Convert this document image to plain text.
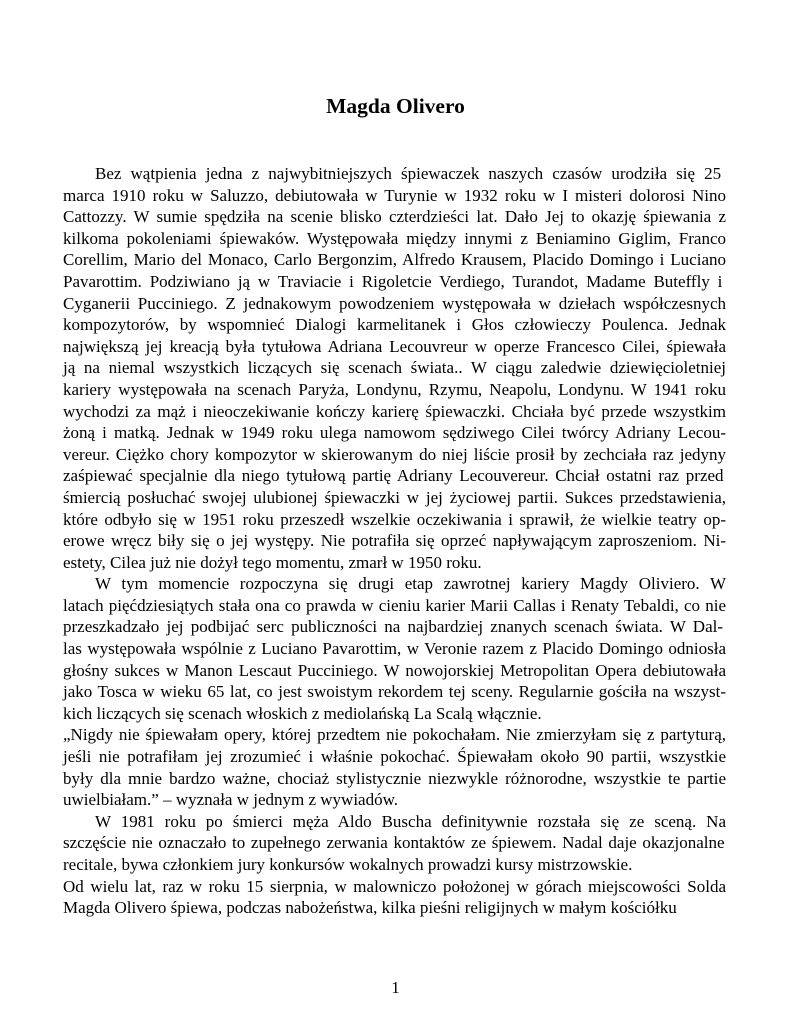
Magda Olivero
Bez wątpienia jedna z najwybitniejszych śpiewaczek naszych czasów urodziła się 25
marca 1910 roku w Saluzzo, debiutowała w Turynie w 1932 roku w I misteri dolorosi Nino
Cattozzy. W sumie spędziła na scenie blisko czterdzieści lat. Dało Jej to okazję śpiewania z
kilkoma pokoleniami śpiewaków. Występowała między innymi z Beniamino Giglim, Franco
Corellim, Mario del Monaco, Carlo Bergonzim, Alfredo Krausem, Placido Domingo i Luciano
Pavarottim. Podziwiano ją w Traviacie i Rigoletcie Verdiego, Turandot, Madame Buteffly i
Cyganerii Pucciniego. Z jednakowym powodzeniem występowała w dziełach współczesnych
kompozytorów, by wspomnieć Dialogi karmelitanek i Głos człowieczy Poulenca. Jednak
największą jej kreacją była tytułowa Adriana Lecouvreur w operze Francesco Cilei, śpiewała
ją na niemal wszystkich liczących się scenach świata.. W ciągu zaledwie dziewięcioletniej
kariery występowała na scenach Paryża, Londynu, Rzymu, Neapolu, Londynu. W 1941 roku
wychodzi za mąż i nieoczekiwanie kończy karierę śpiewaczki. Chciała być przede wszystkim
żoną i matką. Jednak w 1949 roku ulega namowom sędziwego Cilei twórcy Adriany Lecou-
vereur. Ciężko chory kompozytor w skierowanym do niej liście prosił by zechciała raz jedyny
zaśpiewać specjalnie dla niego tytułową partię Adriany Lecouvereur. Chciał ostatni raz przed
śmiercią posłuchać swojej ulubionej śpiewaczki w jej życiowej partii. Sukces przedstawienia,
które odbyło się w 1951 roku przeszedł wszelkie oczekiwania i sprawił, że wielkie teatry op-
erowe wręcz biły się o jej występy. Nie potrafiła się oprzeć napływającym zaproszeniom. Ni-
estety, Cilea już nie dożył tego momentu, zmarł w 1950 roku.
W tym momencie rozpoczyna się drugi etap zawrotnej kariery Magdy Oliviero. W
latach pięćdziesiątych stała ona co prawda w cieniu karier Marii Callas i Renaty Tebaldi, co nie
przeszkadzało jej podbijać serc publiczności na najbardziej znanych scenach świata. W Dal-
las występowała wspólnie z Luciano Pavarottim, w Veronie razem z Placido Domingo odniosła
głośny sukces w Manon Lescaut Pucciniego. W nowojorskiej Metropolitan Opera debiutowała
jako Tosca w wieku 65 lat, co jest swoistym rekordem tej sceny. Regularnie gościła na wszyst-
kich liczących się scenach włoskich z mediolańską La Scalą włącznie.
„Nigdy nie śpiewałam opery, której przedtem nie pokochałam. Nie zmierzyłam się z partyturą,
jeśli nie potrafiłam jej zrozumieć i właśnie pokochać. Śpiewałam około 90 partii, wszystkie
były dla mnie bardzo ważne, chociaż stylistycznie niezwykle różnorodne, wszystkie te partie
uwielbiałam.” – wyznała w jednym z wywiadów.
W 1981 roku po śmierci męża Aldo Buscha definitywnie rozstała się ze sceną. Na
szczęście nie oznaczało to zupełnego zerwania kontaktów ze śpiewem. Nadal daje okazjonalne
recitale, bywa członkiem jury konkursów wokalnych prowadzi kursy mistrzowskie.
Od wielu lat, raz w roku 15 sierpnia, w malowniczo położonej w górach miejscowości Solda
Magda Olivero śpiewa, podczas nabożeństwa, kilka pieśni religijnych w małym kościółku
1
